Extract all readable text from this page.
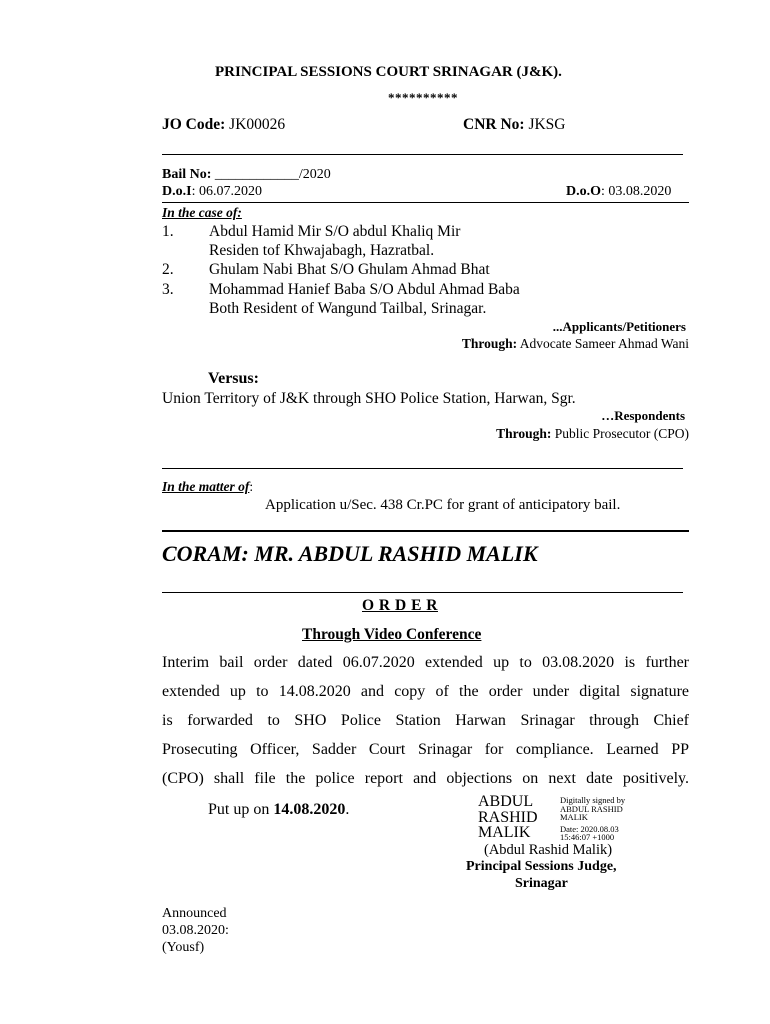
PRINCIPAL SESSIONS COURT SRINAGAR (J&K).
**********
JO Code: JK00026	CNR No: JKSG
Bail No: ____________/2020
D.o.I: 06.07.2020	D.o.O: 03.08.2020
In the case of:
1. Abdul Hamid Mir S/O abdul Khaliq Mir
Residen tof Khwajabagh, Hazratbal.
2. Ghulam Nabi Bhat S/O Ghulam Ahmad Bhat
3. Mohammad Hanief Baba S/O Abdul Ahmad Baba
Both Resident of Wangund Tailbal, Srinagar.
...Applicants/Petitioners
Through: Advocate Sameer Ahmad Wani
Versus:
Union Territory of J&K through SHO Police Station, Harwan, Sgr.
…Respondents
Through: Public Prosecutor (CPO)
In the matter of:
Application u/Sec. 438 Cr.PC for grant of anticipatory bail.
CORAM: MR. ABDUL RASHID MALIK
O R D E R
Through Video Conference
Interim bail order dated 06.07.2020 extended up to 03.08.2020 is further
extended up to 14.08.2020 and copy of the order under digital signature
is forwarded to SHO Police Station Harwan Srinagar through Chief
Prosecuting Officer, Sadder Court Srinagar for compliance. Learned PP
(CPO) shall file the police report and objections on next date positively.
Put up on 14.08.2020.	ABDUL
RASHID
MALIK
Digitally signed by
ABDUL RASHID
MALIK
Date: 2020.08.03
15:46:07 +1000
(Abdul Rashid Malik)
Principal Sessions Judge,
Srinagar
Announced
03.08.2020:
(Yousf)
